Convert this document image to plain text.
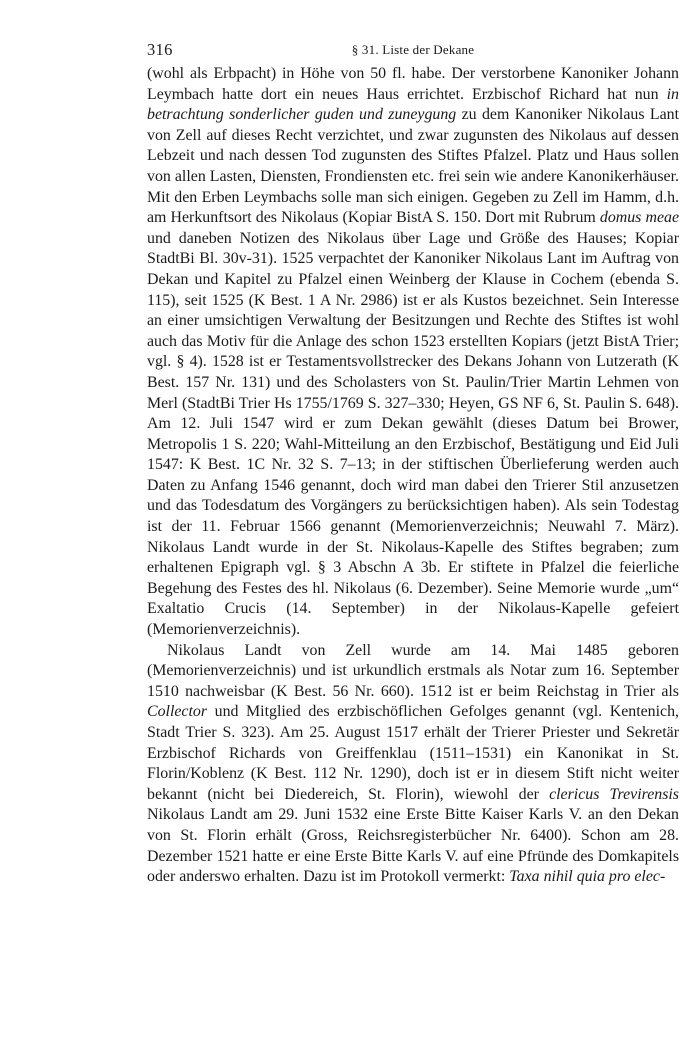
316	§ 31. Liste der Dekane

(wohl als Erbpacht) in Höhe von 50 fl. habe. Der verstorbene Kanoniker Johann Leymbach hatte dort ein neues Haus errichtet. Erzbischof Richard hat nun in betrachtung sonderlicher guden und zuneygung zu dem Kanoniker Nikolaus Lant von Zell auf dieses Recht verzichtet, und zwar zugunsten des Nikolaus auf dessen Lebzeit und nach dessen Tod zugunsten des Stiftes Pfalzel. Platz und Haus sollen von allen Lasten, Diensten, Frondiensten etc. frei sein wie andere Kanonikerhäuser. Mit den Erben Leymbachs solle man sich einigen. Gegeben zu Zell im Hamm, d.h. am Herkunftsort des Nikolaus (Kopiar BistA S. 150. Dort mit Rubrum domus meae und daneben Notizen des Nikolaus über Lage und Größe des Hauses; Kopiar StadtBi Bl. 30v-31). 1525 verpachtet der Kanoniker Nikolaus Lant im Auftrag von Dekan und Kapitel zu Pfalzel einen Weinberg der Klause in Cochem (ebenda S. 115), seit 1525 (K Best. 1 A Nr. 2986) ist er als Kustos bezeichnet. Sein Interesse an einer umsichtigen Verwaltung der Besitzungen und Rechte des Stiftes ist wohl auch das Motiv für die Anlage des schon 1523 erstellten Kopiars (jetzt BistA Trier; vgl. § 4). 1528 ist er Testamentsvollstrecker des Dekans Johann von Lutzerath (K Best. 157 Nr. 131) und des Scholasters von St. Paulin/Trier Martin Lehmen von Merl (StadtBi Trier Hs 1755/1769 S. 327–330; Heyen, GS NF 6, St. Paulin S. 648). Am 12. Juli 1547 wird er zum Dekan gewählt (dieses Datum bei Brower, Metropolis 1 S. 220; Wahl-Mitteilung an den Erzbischof, Bestätigung und Eid Juli 1547: K Best. 1C Nr. 32 S. 7–13; in der stiftischen Überlieferung werden auch Daten zu Anfang 1546 genannt, doch wird man dabei den Trierer Stil anzusetzen und das Todesdatum des Vorgängers zu berücksichtigen haben). Als sein Todestag ist der 11. Februar 1566 genannt (Memorienverzeichnis; Neuwahl 7. März). Nikolaus Landt wurde in der St. Nikolaus-Kapelle des Stiftes begraben; zum erhaltenen Epigraph vgl. § 3 Abschn A 3b. Er stiftete in Pfalzel die feierliche Begehung des Festes des hl. Nikolaus (6. Dezember). Seine Memorie wurde „um“ Exaltatio Crucis (14. September) in der Nikolaus-Kapelle gefeiert (Memorienverzeichnis).

Nikolaus Landt von Zell wurde am 14. Mai 1485 geboren (Memorienverzeichnis) und ist urkundlich erstmals als Notar zum 16. September 1510 nachweisbar (K Best. 56 Nr. 660). 1512 ist er beim Reichstag in Trier als Collector und Mitglied des erzbischöflichen Gefolges genannt (vgl. Kentenich, Stadt Trier S. 323). Am 25. August 1517 erhält der Trierer Priester und Sekretär Erzbischof Richards von Greiffenklau (1511–1531) ein Kanonikat in St. Florin/Koblenz (K Best. 112 Nr. 1290), doch ist er in diesem Stift nicht weiter bekannt (nicht bei Diedereich, St. Florin), wiewohl der clericus Trevirensis Nikolaus Landt am 29. Juni 1532 eine Erste Bitte Kaiser Karls V. an den Dekan von St. Florin erhält (Gross, Reichsregisterbücher Nr. 6400). Schon am 28. Dezember 1521 hatte er eine Erste Bitte Karls V. auf eine Pfründe des Domkapitels oder anderswo erhalten. Dazu ist im Protokoll vermerkt: Taxa nihil quia pro elec-
